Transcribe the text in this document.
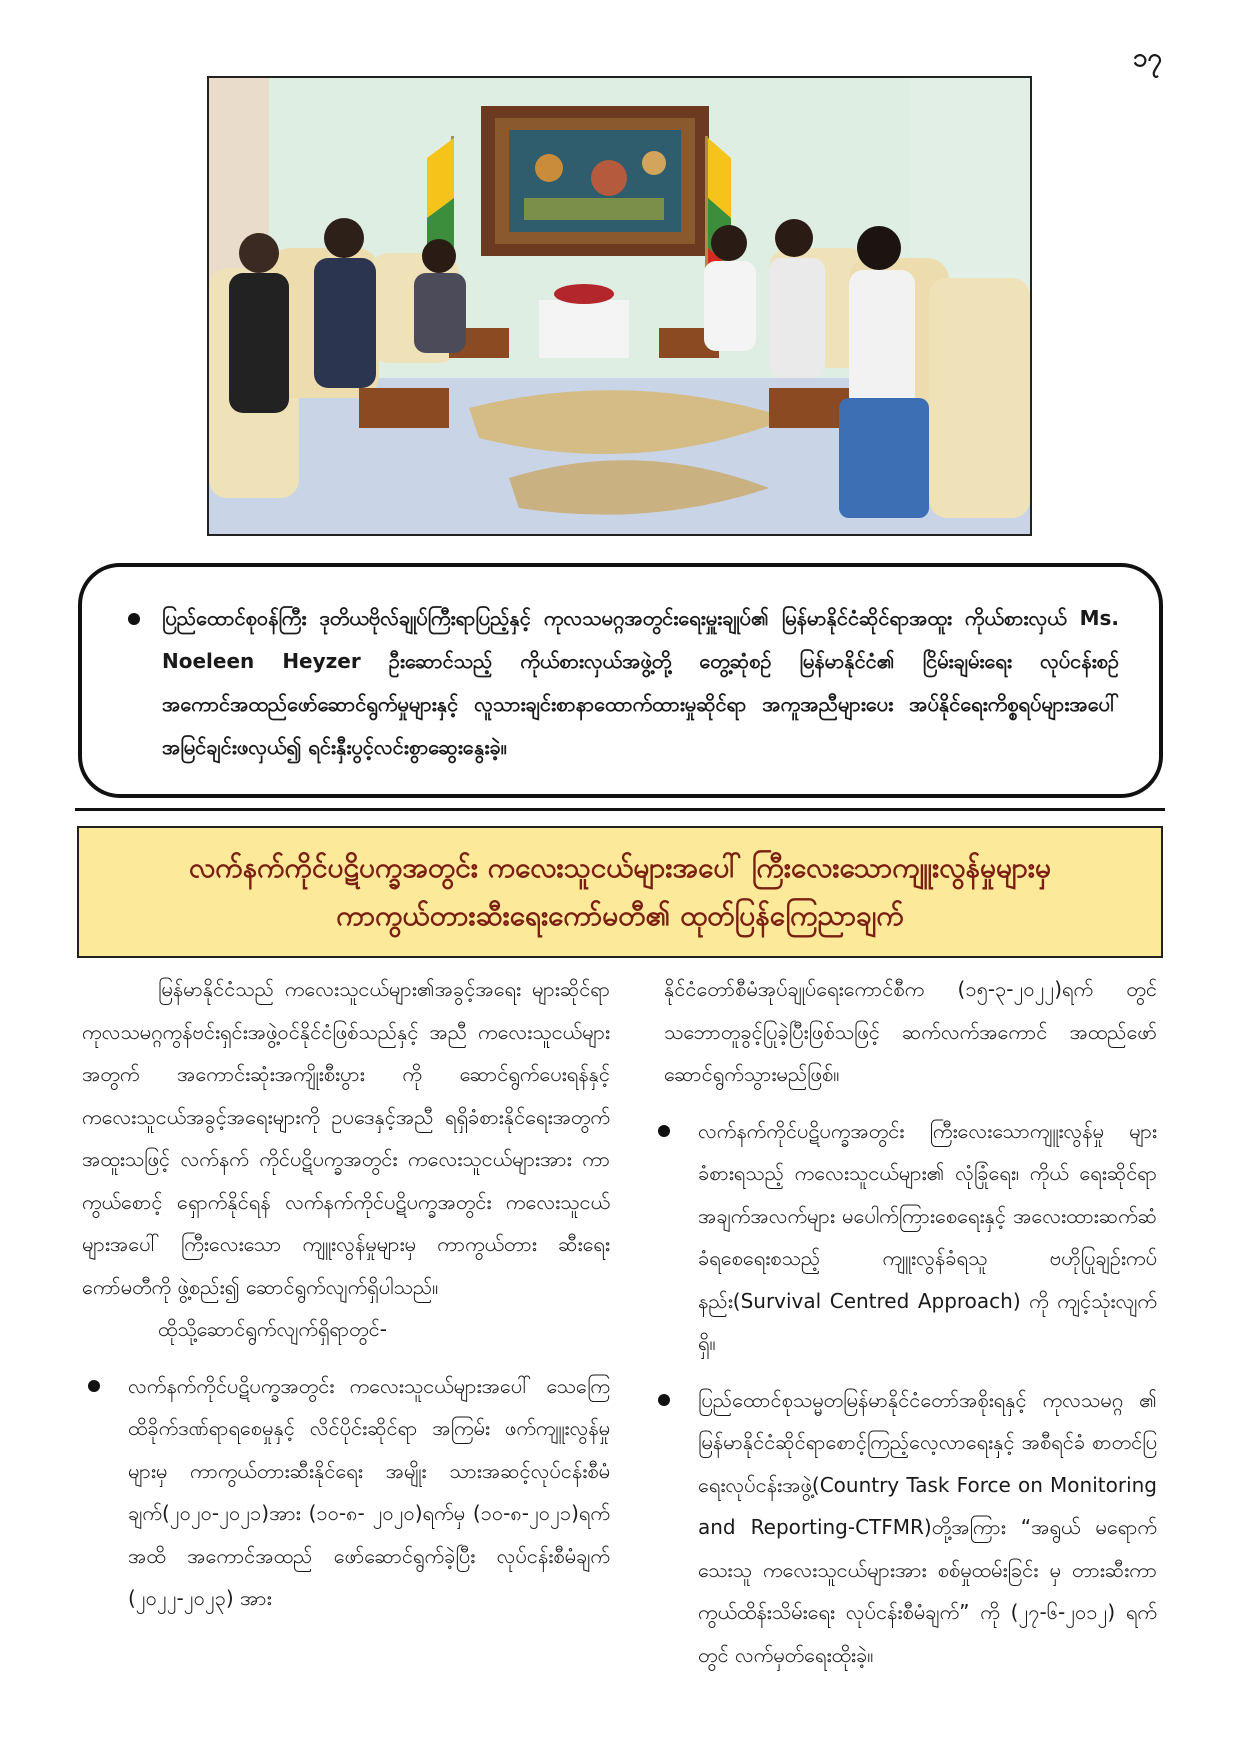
၁၇

ပြည်ထောင်စုဝန်ကြီး ဒုတိယဗိုလ်ချုပ်ကြီးရာပြည့်နှင့် ကုလသမဂ္ဂအတွင်းရေးမှူးချုပ်၏ မြန်မာနိုင်ငံဆိုင်ရာအထူး ကိုယ်စားလှယ် Ms. Noeleen Heyzer ဦးဆောင်သည့် ကိုယ်စားလှယ်အဖွဲ့တို့ တွေ့ဆုံစဉ် မြန်မာနိုင်ငံ၏ ငြိမ်းချမ်းရေး လုပ်ငန်းစဉ် အကောင်အထည်ဖော်ဆောင်ရွက်မှုများနှင့် လူသားချင်းစာနာထောက်ထားမှုဆိုင်ရာ အကူအညီများပေး အပ်နိုင်ရေးကိစ္စရပ်များအပေါ် အမြင်ချင်းဖလှယ်၍ ရင်းနှီးပွင့်လင်းစွာဆွေးနွေးခဲ့။

လက်နက်ကိုင်ပဋိပက္ခအတွင်း ကလေးသူငယ်များအပေါ် ကြီးလေးသောကျူးလွန်မှုများမှ
ကာကွယ်တားဆီးရေးကော်မတီ၏ ထုတ်ပြန်ကြေညာချက်

မြန်မာနိုင်ငံသည် ကလေးသူငယ်များ၏အခွင့်အရေး များဆိုင်ရာ ကုလသမဂ္ဂကွန်ဗင်းရှင်းအဖွဲ့ဝင်နိုင်ငံဖြစ်သည်နှင့် အညီ ကလေးသူငယ်များအတွက် အကောင်းဆုံးအကျိုးစီးပွား ကို ဆောင်ရွက်ပေးရန်နှင့် ကလေးသူငယ်အခွင့်အရေးများကို ဥပဒေနှင့်အညီ ရရှိခံစားနိုင်ရေးအတွက် အထူးသဖြင့် လက်နက် ကိုင်ပဋိပက္ခအတွင်း ကလေးသူငယ်များအား ကာကွယ်စောင့် ရှောက်နိုင်ရန် လက်နက်ကိုင်ပဋိပက္ခအတွင်း ကလေးသူငယ် များအပေါ် ကြီးလေးသော ကျူးလွန်မှုများမှ ကာကွယ်တား ဆီးရေးကော်မတီကို ဖွဲ့စည်း၍ ဆောင်ရွက်လျက်ရှိပါသည်။

ထိုသို့ဆောင်ရွက်လျက်ရှိရာတွင်-

လက်နက်ကိုင်ပဋိပက္ခအတွင်း ကလေးသူငယ်များအပေါ် သေကြေထိခိုက်ဒဏ်ရာရစေမှုနှင့် လိင်ပိုင်းဆိုင်ရာ အကြမ်း ဖက်ကျူးလွန်မှုများမှ ကာကွယ်တားဆီးနိုင်ရေး အမျိုး သားအဆင့်လုပ်ငန်းစီမံချက်(၂၀၂၀-၂၀၂၁)အား (၁၀-၈- ၂၀၂၀)ရက်မှ (၁၀-၈-၂၀၂၁)ရက်အထိ အကောင်အထည် ဖော်ဆောင်ရွက်ခဲ့ပြီး လုပ်ငန်းစီမံချက် (၂၀၂၂-၂၀၂၃) အား

နိုင်ငံတော်စီမံအုပ်ချုပ်ရေးကောင်စီက (၁၅-၃-၂၀၂၂)ရက် တွင် သဘောတူခွင့်ပြုခဲ့ပြီးဖြစ်သဖြင့် ဆက်လက်အကောင် အထည်ဖော် ဆောင်ရွက်သွားမည်ဖြစ်။

လက်နက်ကိုင်ပဋိပက္ခအတွင်း ကြီးလေးသောကျူးလွန်မှု များ ခံစားရသည့် ကလေးသူငယ်များ၏ လုံခြုံရေး၊ ကိုယ် ရေးဆိုင်ရာအချက်အလက်များ မပေါက်ကြားစေရေးနှင့် အလေးထားဆက်ဆံခံရစေရေးစသည့် ကျူးလွန်ခံရသူ ဗဟိုပြုချဉ်းကပ်နည်း(Survival Centred Approach) ကို ကျင့်သုံးလျက်ရှိ။

ပြည်ထောင်စုသမ္မတမြန်မာနိုင်ငံတော်အစိုးရနှင့် ကုလသမဂ္ဂ ၏ မြန်မာနိုင်ငံဆိုင်ရာစောင့်ကြည့်လေ့လာရေးနှင့် အစီရင်ခံ စာတင်ပြရေးလုပ်ငန်းအဖွဲ့(Country Task Force on Monitoring and Reporting-CTFMR)တို့အကြား “အရွယ် မရောက်သေးသူ ကလေးသူငယ်များအား စစ်မှုထမ်းခြင်း မှ တားဆီးကာကွယ်ထိန်းသိမ်းရေး လုပ်ငန်းစီမံချက်” ကို (၂၇-၆-၂၀၁၂) ရက်တွင် လက်မှတ်ရေးထိုးခဲ့။
